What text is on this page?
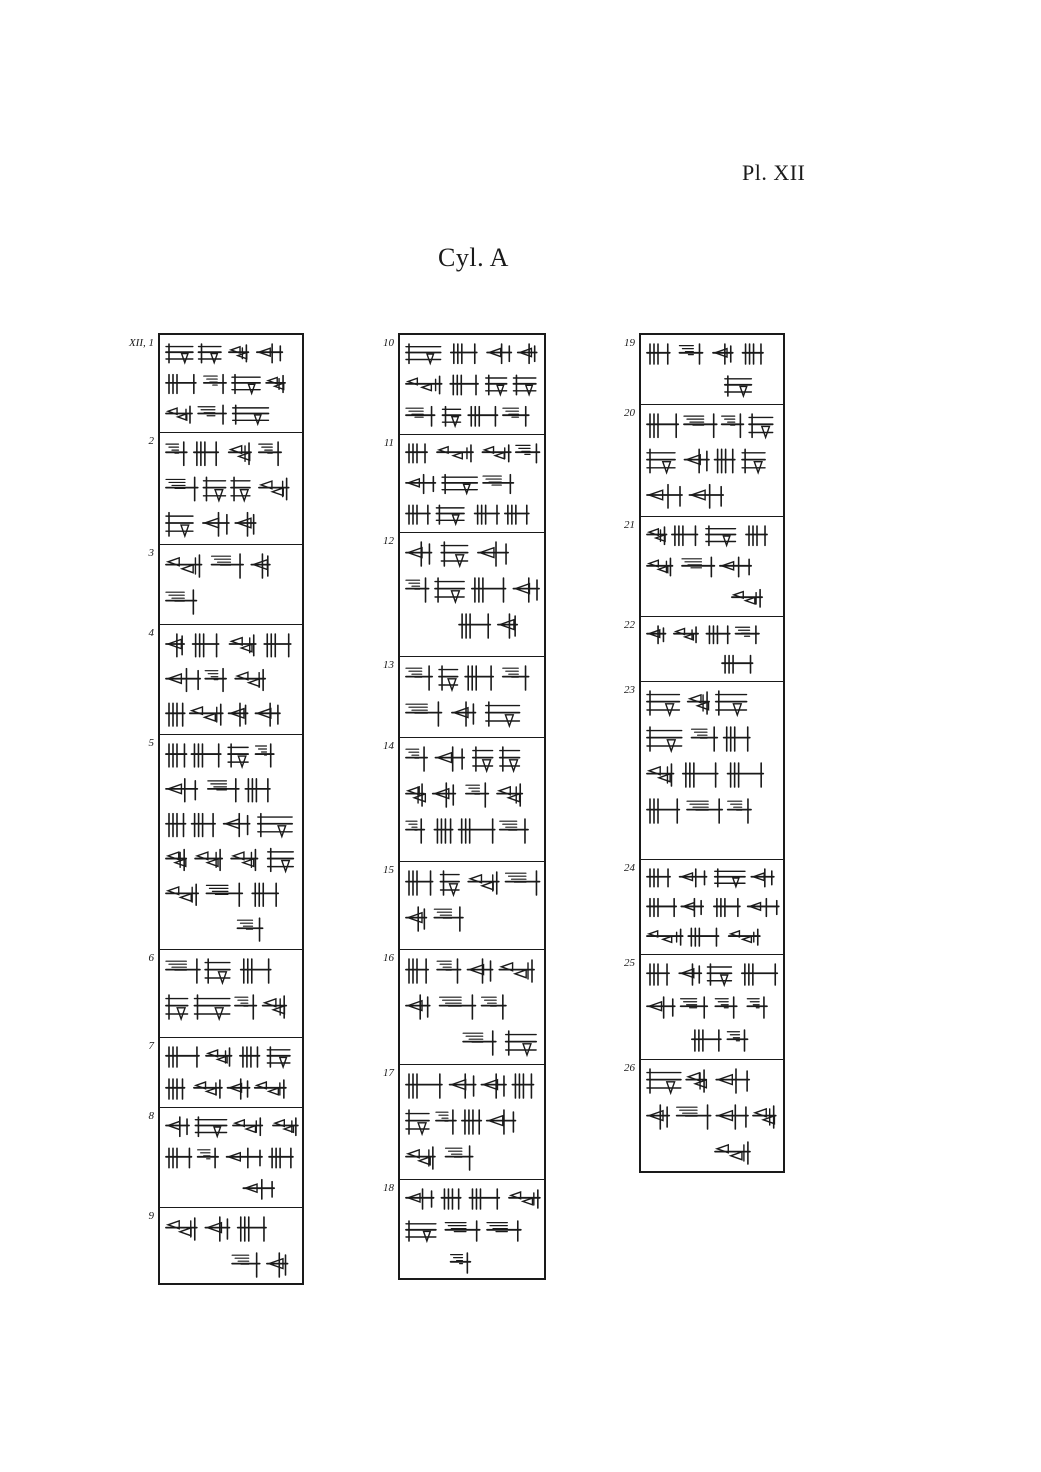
Pl. XII
Cyl. A
XII, 1
2
3
4
5
6
7
8
9
10
11
12
13
14
15
16
17
18
19
20
21
22
23
24
25
26
